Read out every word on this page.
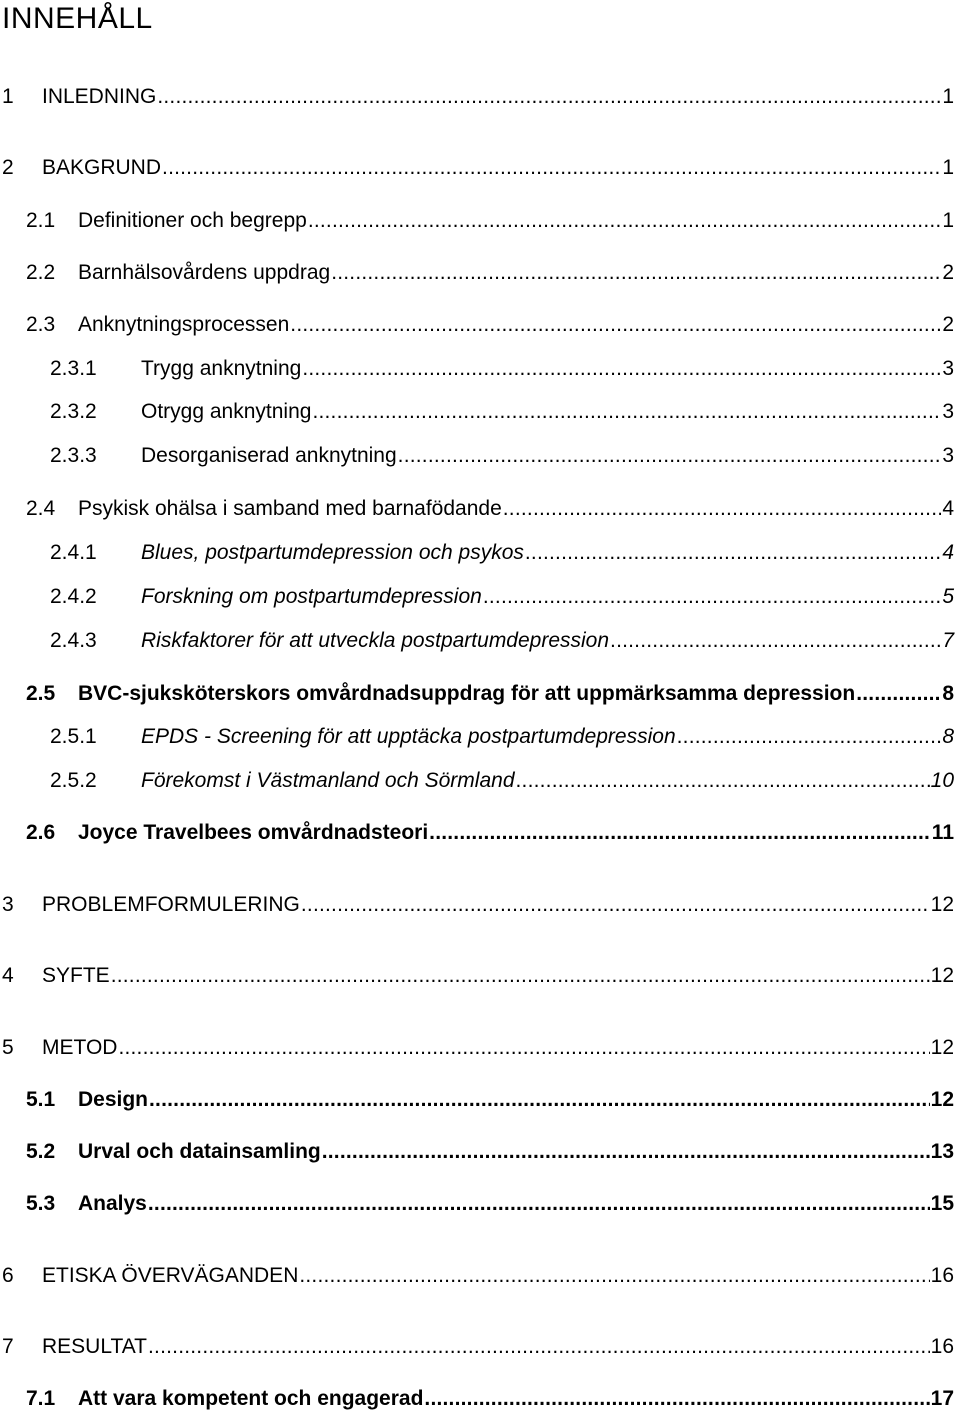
INNEHÅLL
1	INLEDNING .....	1
2	BAKGRUND .....	1
2.1	Definitioner och begrepp .....	1
2.2	Barnhälsovårdens uppdrag .....	2
2.3	Anknytningsprocessen .....	2
2.3.1	Trygg anknytning .....	3
2.3.2	Otrygg anknytning .....	3
2.3.3	Desorganiserad anknytning .....	3
2.4	Psykisk ohälsa i samband med barnafödande .....	4
2.4.1	Blues, postpartumdepression och psykos .....	4
2.4.2	Forskning om postpartumdepression .....	5
2.4.3	Riskfaktorer för att utveckla postpartumdepression .....	7
2.5	BVC-sjuksköterskors omvårdnadsuppdrag för att uppmärksamma depression .....	8
2.5.1	EPDS - Screening för att upptäcka postpartumdepression .....	8
2.5.2	Förekomst i Västmanland och Sörmland .....	10
2.6	Joyce Travelbees omvårdnadsteori .....	11
3	PROBLEMFORMULERING .....	12
4	SYFTE .....	12
5	METOD .....	12
5.1	Design .....	12
5.2	Urval och datainsamling .....	13
5.3	Analys .....	15
6	ETISKA ÖVERVÄGANDEN .....	16
7	RESULTAT .....	16
7.1	Att vara kompetent och engagerad .....	17
